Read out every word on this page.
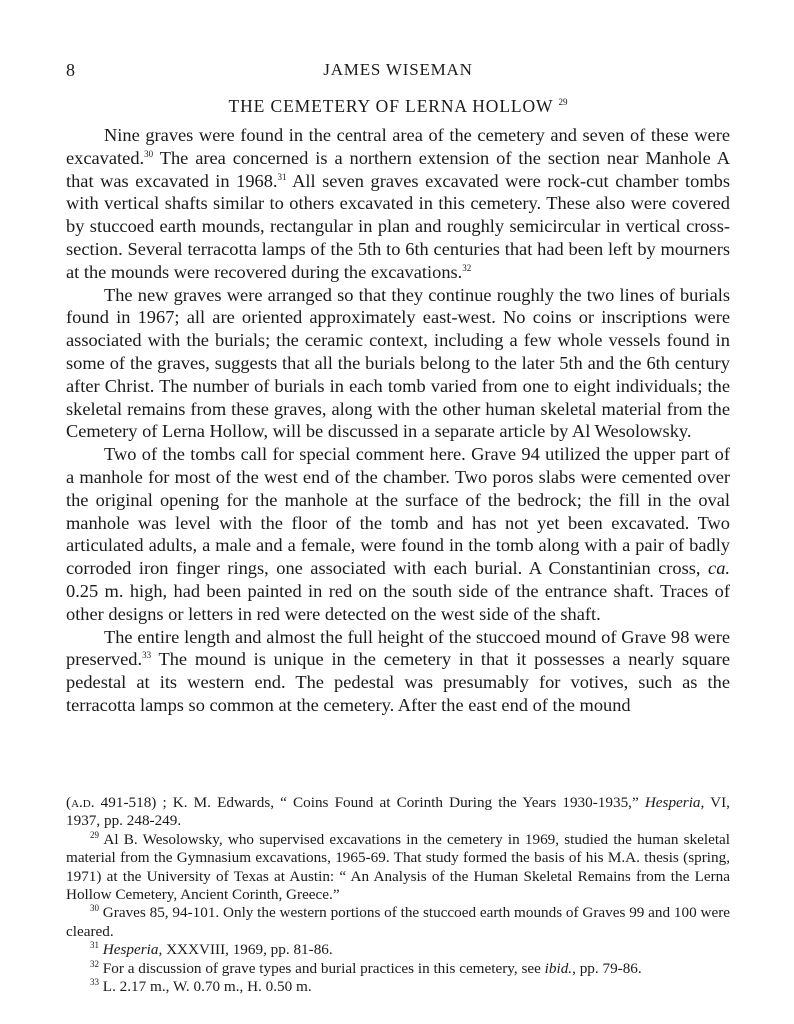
8	JAMES WISEMAN
THE CEMETERY OF LERNA HOLLOW $^{29}$

Nine graves were found in the central area of the cemetery and seven of these were excavated.$^{30}$ The area concerned is a northern extension of the section near Manhole A that was excavated in 1968.31 All seven graves excavated were rock-cut chamber tombs with vertical shafts similar to others excavated in this cemetery. These also were covered by stuccoed earth mounds, rectangular in plan and roughly semicircular in vertical cross-section. Several terracotta lamps of the 5th to 6th centuries that had been left by mourners at the mounds were recovered during the excavations.$^{32}$

The new graves were arranged so that they continue roughly the two lines of burials found in 1967; all are oriented approximately east-west. No coins or inscriptions were associated with the burials; the ceramic context, including a few whole vessels found in some of the graves, suggests that all the burials belong to the later 5th and the 6th century after Christ. The number of burials in each tomb varied from one to eight individuals; the skeletal remains from these graves, along with the other human skeletal material from the Cemetery of Lerna Hollow, will be discussed in a separate article by Al Wesolowsky.

Two of the tombs call for special comment here. Grave 94 utilized the upper part of a manhole for most of the west end of the chamber. Two poros slabs were cemented over the original opening for the manhole at the surface of the bedrock; the fill in the oval manhole was level with the floor of the tomb and has not yet been excavated. Two articulated adults, a male and a female, were found in the tomb along with a pair of badly corroded iron finger rings, one associated with each burial. A Constantinian cross, ca. 0.25 m. high, had been painted in red on the south side of the entrance shaft. Traces of other designs or letters in red were detected on the west side of the shaft.

The entire length and almost the full height of the stuccoed mound of Grave 98 were preserved.$^{33}$ The mound is unique in the cemetery in that it possesses a nearly square pedestal at its western end. The pedestal was presumably for votives, such as the terracotta lamps so common at the cemetery. After the east end of the mound

(a.d. 491-518) ; K. M. Edwards, “ Coins Found at Corinth During the Years 1930-1935,” Hesperia, VI, 1937, pp. 248-249.

$^{29}$ Al B. Wesolowsky, who supervised excavations in the cemetery in 1969, studied the human skeletal material from the Gymnasium excavations, 1965-69. That study formed the basis of his M.A. thesis (spring, 1971) at the University of Texas at Austin: “ An Analysis of the Human Skeletal Remains from the Lerna Hollow Cemetery, Ancient Corinth, Greece.”

$^{30}$ Graves 85, 94-101. Only the western portions of the stuccoed earth mounds of Graves 99 and 100 were cleared.

$^{31}$ Hesperia, XXXVIII, 1969, pp. 81-86.

$^{32}$ For a discussion of grave types and burial practices in this cemetery, see ibid., pp. 79-86.

$^{33}$ L. 2.17 m., W. 0.70 m., H. 0.50 m.
